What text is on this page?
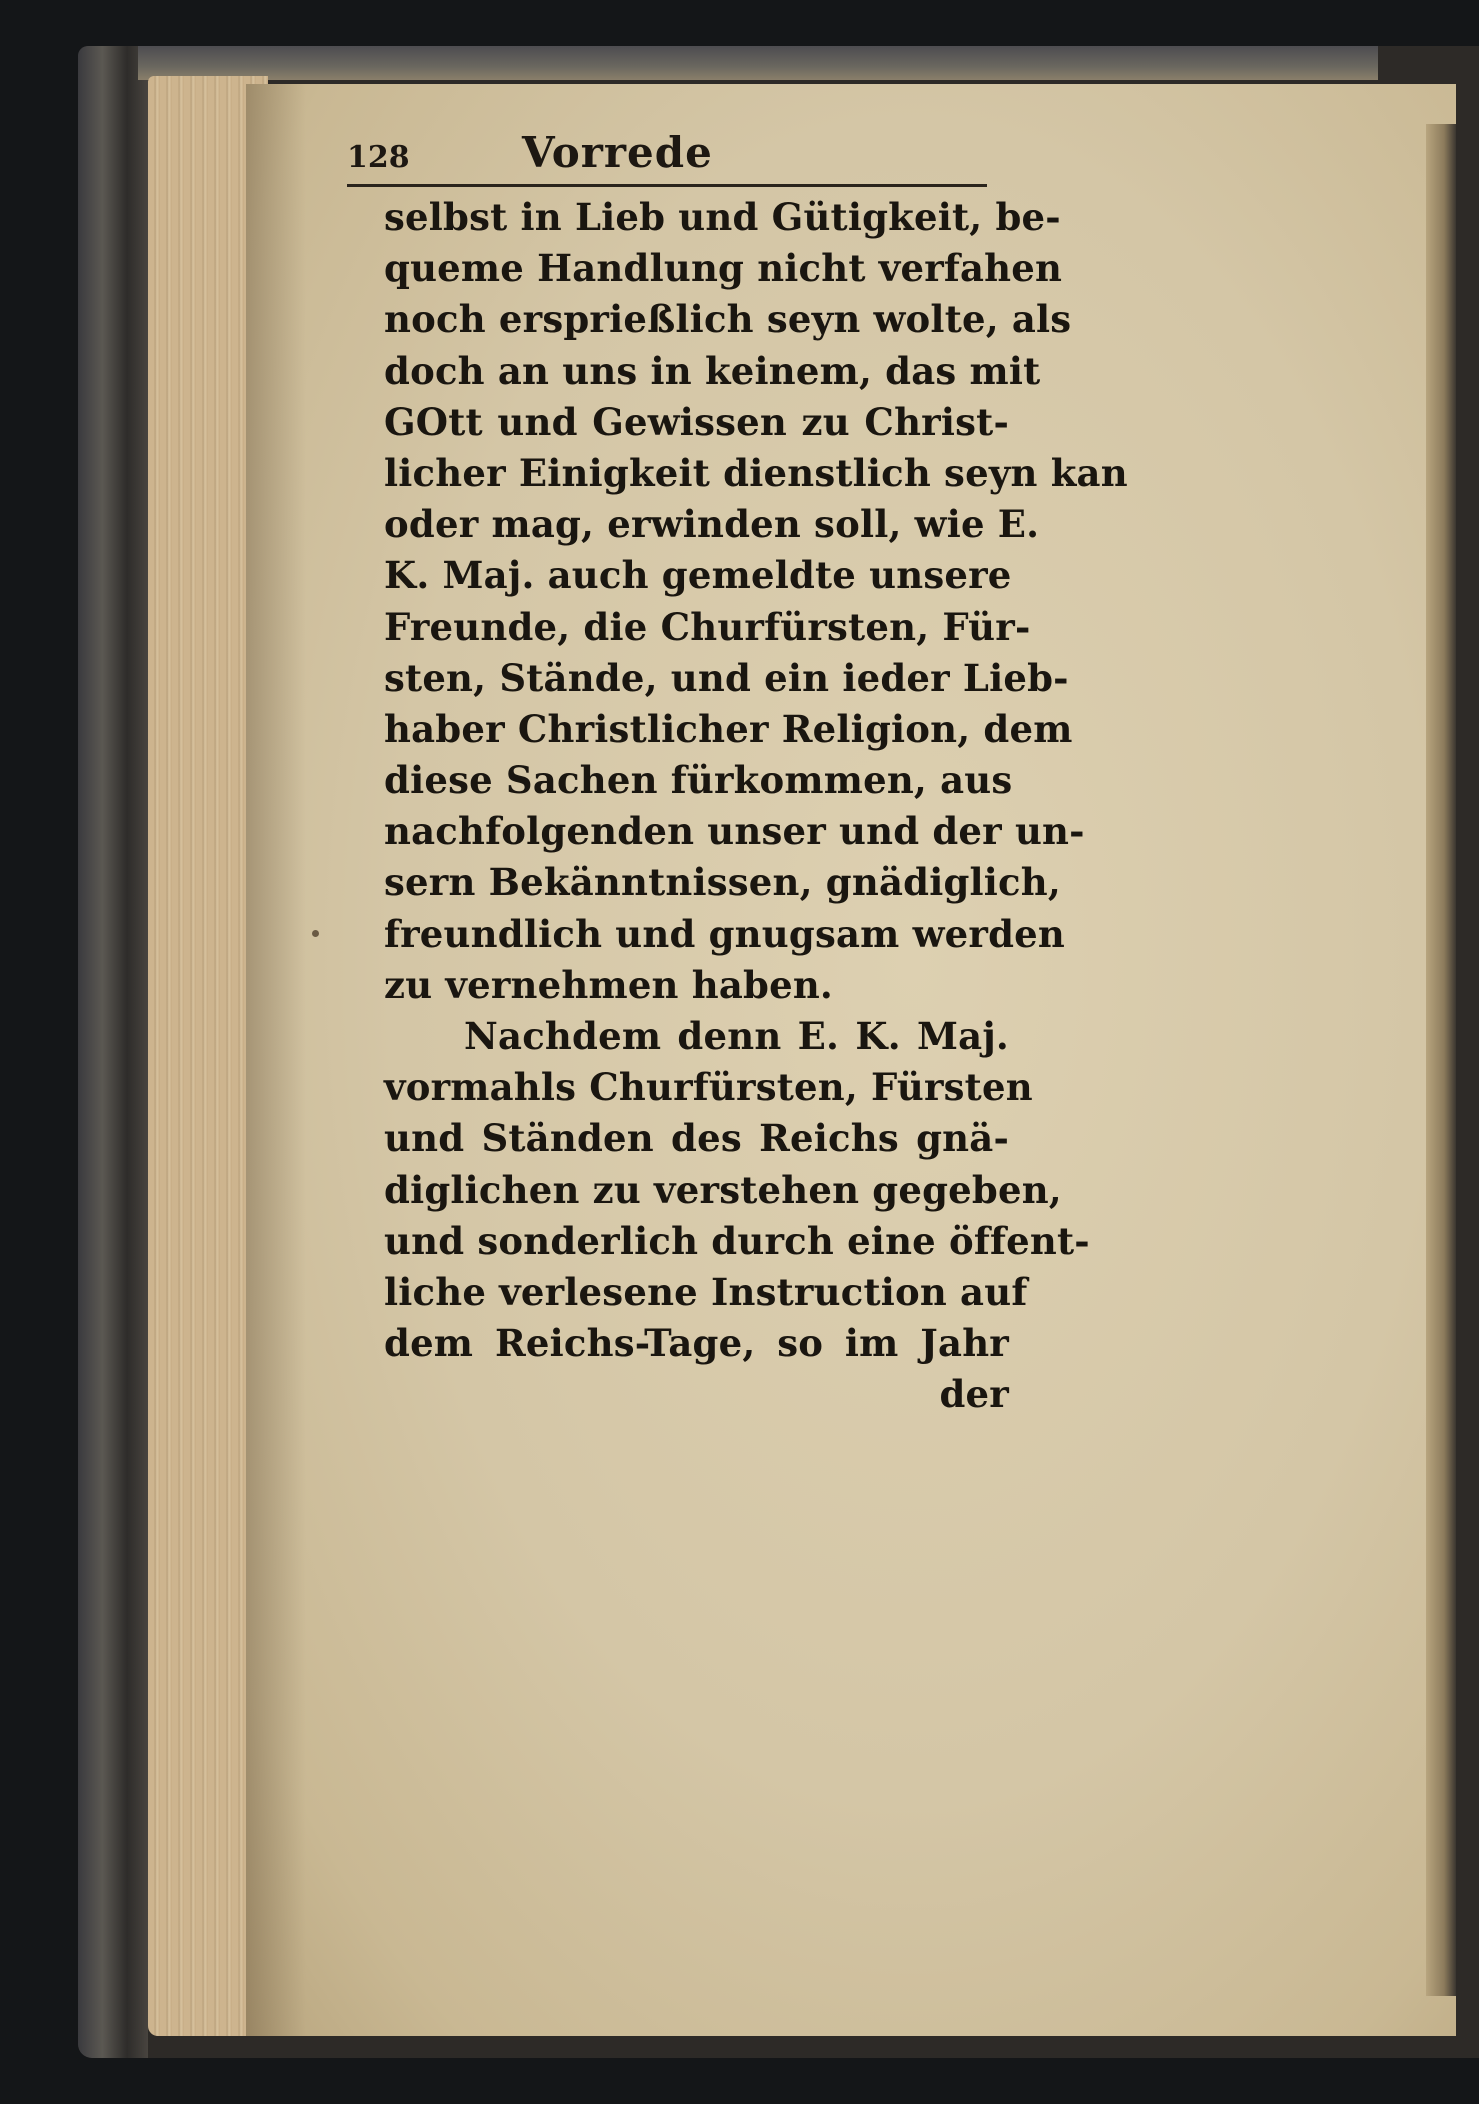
128	Vorrede
selbst in Lieb und Gütigkeit, be-
queme Handlung nicht verfahen
noch ersprießlich seyn wolte, als
doch an uns in keinem, das mit
GOtt und Gewissen zu Christ-
licher Einigkeit dienstlich seyn kan
oder mag, erwinden soll, wie E.
K. Maj. auch gemeldte unsere
Freunde, die Churfürsten, Für-
sten, Stände, und ein ieder Lieb-
haber Christlicher Religion, dem
diese Sachen fürkommen, aus
nachfolgenden unser und der un-
sern Bekänntnissen, gnädiglich,
freundlich und gnugsam werden
zu vernehmen haben.
Nachdem denn E. K. Maj.
vormahls Churfürsten, Fürsten
und Ständen des Reichs gnä-
diglichen zu verstehen gegeben,
und sonderlich durch eine öffent-
liche verlesene Instruction auf
dem Reichs-Tage, so im Jahr
der
